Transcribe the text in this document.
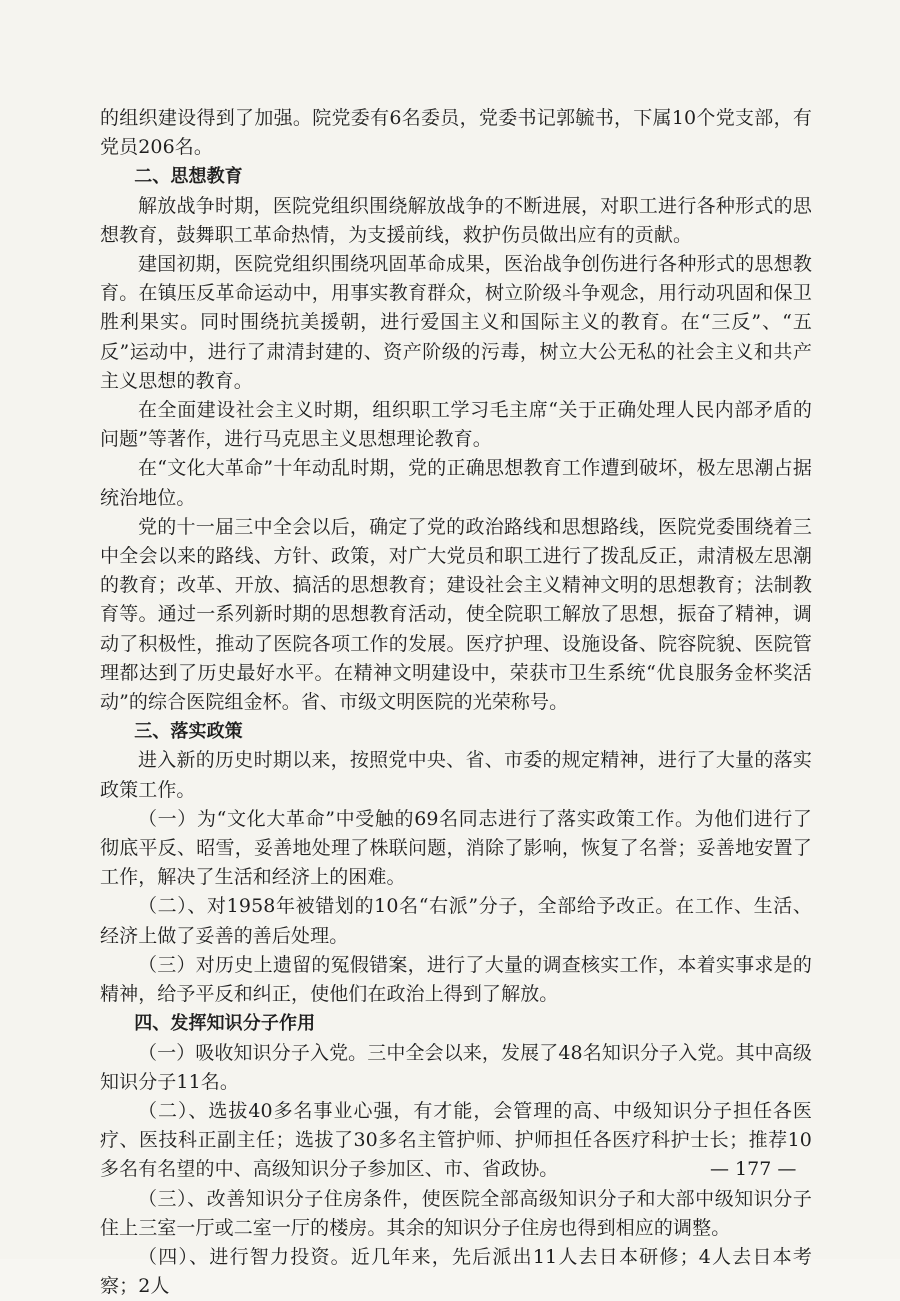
的组织建设得到了加强。院党委有6名委员，党委书记郭毓书，下属10个党支部，有党员206名。

二、思想教育

解放战争时期，医院党组织围绕解放战争的不断进展，对职工进行各种形式的思想教育，鼓舞职工革命热情，为支援前线，救护伤员做出应有的贡献。

建国初期，医院党组织围绕巩固革命成果，医治战争创伤进行各种形式的思想教育。在镇压反革命运动中，用事实教育群众，树立阶级斗争观念，用行动巩固和保卫胜利果实。同时围绕抗美援朝，进行爱国主义和国际主义的教育。在“三反”、“五反”运动中，进行了肃清封建的、资产阶级的污毒，树立大公无私的社会主义和共产主义思想的教育。

在全面建设社会主义时期，组织职工学习毛主席“关于正确处理人民内部矛盾的问题”等著作，进行马克思主义思想理论教育。

在“文化大革命”十年动乱时期，党的正确思想教育工作遭到破坏，极左思潮占据统治地位。

党的十一届三中全会以后，确定了党的政治路线和思想路线，医院党委围绕着三中全会以来的路线、方针、政策，对广大党员和职工进行了拨乱反正，肃清极左思潮的教育；改革、开放、搞活的思想教育；建设社会主义精神文明的思想教育；法制教育等。通过一系列新时期的思想教育活动，使全院职工解放了思想，振奋了精神，调动了积极性，推动了医院各项工作的发展。医疗护理、设施设备、院容院貌、医院管理都达到了历史最好水平。在精神文明建设中，荣获市卫生系统“优良服务金杯奖活动”的综合医院组金杯。省、市级文明医院的光荣称号。

三、落实政策

进入新的历史时期以来，按照党中央、省、市委的规定精神，进行了大量的落实政策工作。

（一）为“文化大革命”中受触的69名同志进行了落实政策工作。为他们进行了彻底平反、昭雪，妥善地处理了株联问题，消除了影响，恢复了名誉；妥善地安置了工作，解决了生活和经济上的困难。

（二）、对1958年被错划的10名“右派”分子，全部给予改正。在工作、生活、经济上做了妥善的善后处理。

（三）对历史上遗留的冤假错案，进行了大量的调查核实工作，本着实事求是的精神，给予平反和纠正，使他们在政治上得到了解放。

四、发挥知识分子作用

（一）吸收知识分子入党。三中全会以来，发展了48名知识分子入党。其中高级知识分子11名。

（二）、选拔40多名事业心强，有才能，会管理的高、中级知识分子担任各医疗、医技科正副主任；选拔了30多名主管护师、护师担任各医疗科护士长；推荐10多名有名望的中、高级知识分子参加区、市、省政协。

（三）、改善知识分子住房条件，使医院全部高级知识分子和大部中级知识分子住上三室一厅或二室一厅的楼房。其余的知识分子住房也得到相应的调整。

（四）、进行智力投资。近几年来，先后派出11人去日本研修；4人去日本考察；2人

— 177 —
